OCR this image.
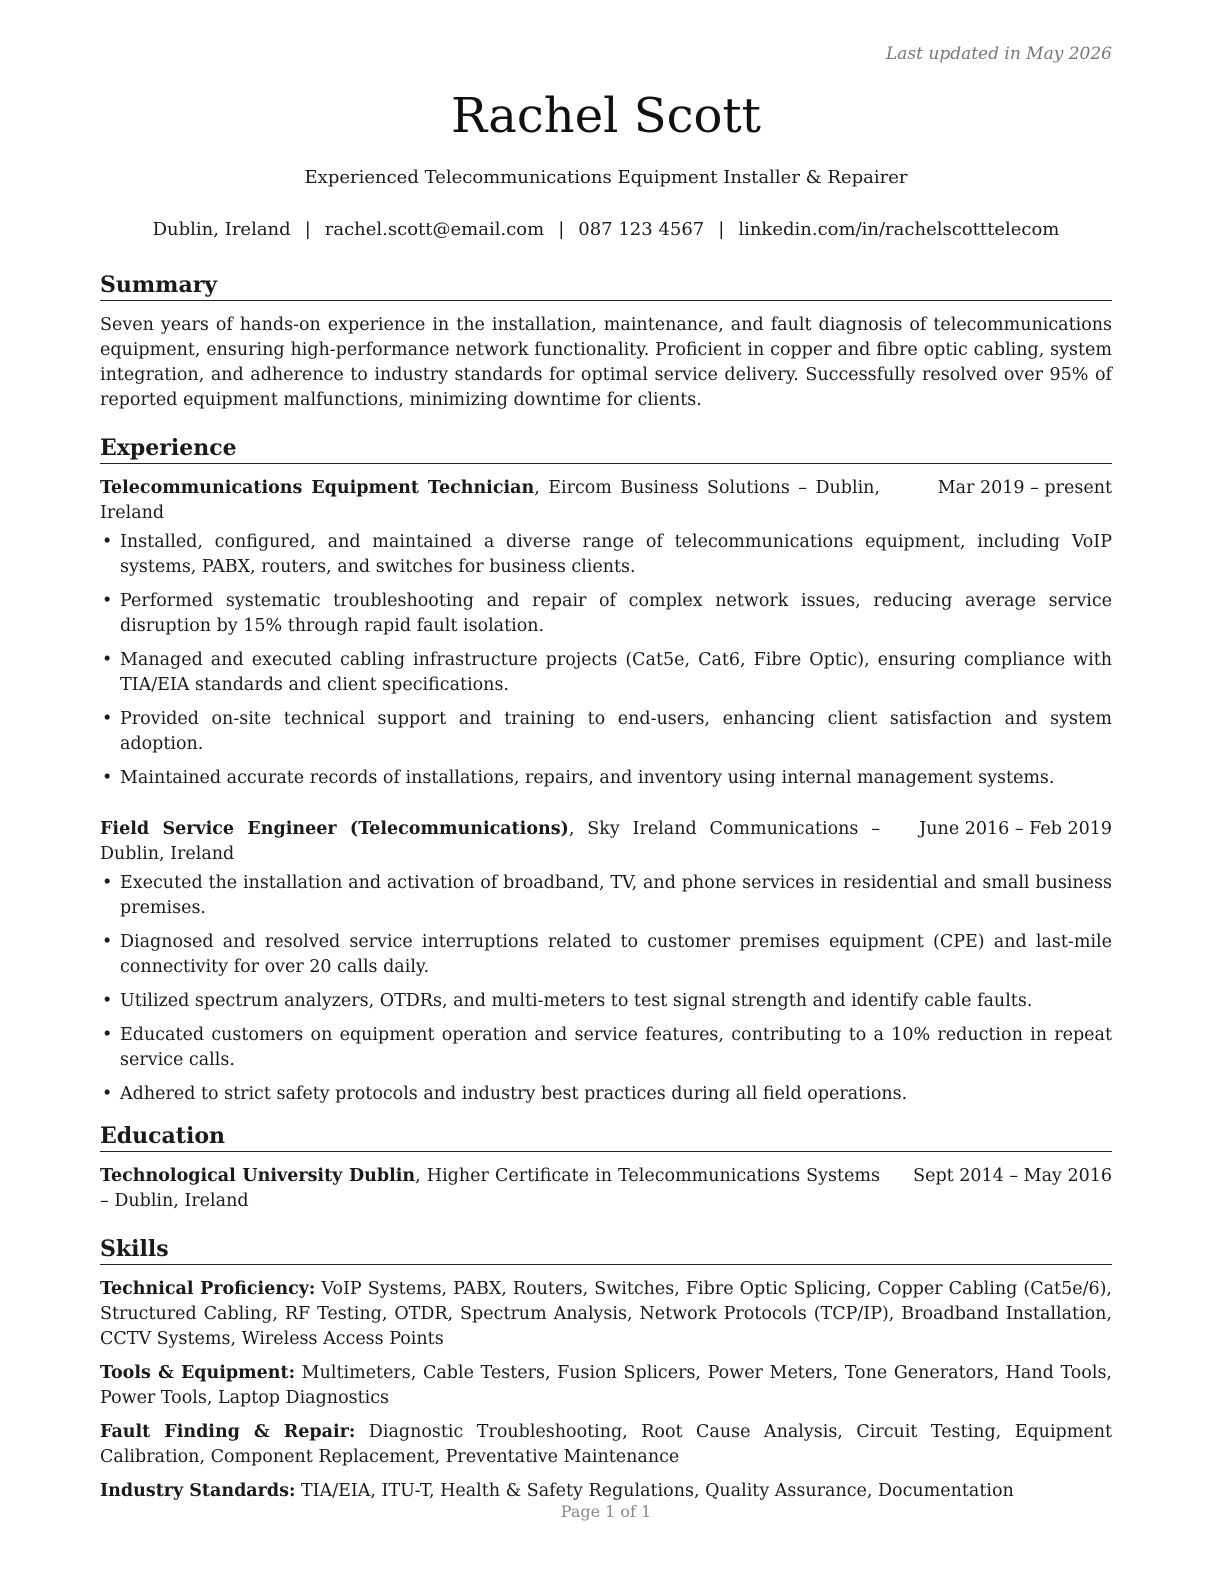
Last updated in May 2026
Rachel Scott
Experienced Telecommunications Equipment Installer & Repairer
Dublin, Ireland | rachel.scott@email.com | 087 123 4567 | linkedin.com/in/rachelscotttelecom
Summary

Seven years of hands-on experience in the installation, maintenance, and fault diagnosis of telecommunications equipment, ensuring high-performance network functionality. Proficient in copper and fibre optic cabling, system integration, and adherence to industry standards for optimal service delivery. Successfully resolved over 95% of reported equipment malfunctions, minimizing downtime for clients.

Experience
Telecommunications Equipment Technician, Eircom Business Solutions – Dublin, Ireland
Mar 2019 – present
• Installed, configured, and maintained a diverse range of telecommunications equipment, including VoIP systems, PABX, routers, and switches for business clients.
• Performed systematic troubleshooting and repair of complex network issues, reducing average service disruption by 15% through rapid fault isolation.
• Managed and executed cabling infrastructure projects (Cat5e, Cat6, Fibre Optic), ensuring compliance with TIA/EIA standards and client specifications.
• Provided on-site technical support and training to end-users, enhancing client satisfaction and system adoption.
• Maintained accurate records of installations, repairs, and inventory using internal management systems.
Field Service Engineer (Telecommunications), Sky Ireland Communications – Dublin, Ireland
June 2016 – Feb 2019
• Executed the installation and activation of broadband, TV, and phone services in residential and small business premises.
• Diagnosed and resolved service interruptions related to customer premises equipment (CPE) and last-mile connectivity for over 20 calls daily.
• Utilized spectrum analyzers, OTDRs, and multi-meters to test signal strength and identify cable faults.
• Educated customers on equipment operation and service features, contributing to a 10% reduction in repeat service calls.
• Adhered to strict safety protocols and industry best practices during all field operations.
Education
Technological University Dublin, Higher Certificate in Telecommunications Systems – Dublin, Ireland
Sept 2014 – May 2016
Skills

Technical Proficiency: VoIP Systems, PABX, Routers, Switches, Fibre Optic Splicing, Copper Cabling (Cat5e/6), Structured Cabling, RF Testing, OTDR, Spectrum Analysis, Network Protocols (TCP/IP), Broadband Installation, CCTV Systems, Wireless Access Points

Tools & Equipment: Multimeters, Cable Testers, Fusion Splicers, Power Meters, Tone Generators, Hand Tools, Power Tools, Laptop Diagnostics

Fault Finding & Repair: Diagnostic Troubleshooting, Root Cause Analysis, Circuit Testing, Equipment Calibration, Component Replacement, Preventative Maintenance

Industry Standards: TIA/EIA, ITU-T, Health & Safety Regulations, Quality Assurance, Documentation

Page 1 of 1
